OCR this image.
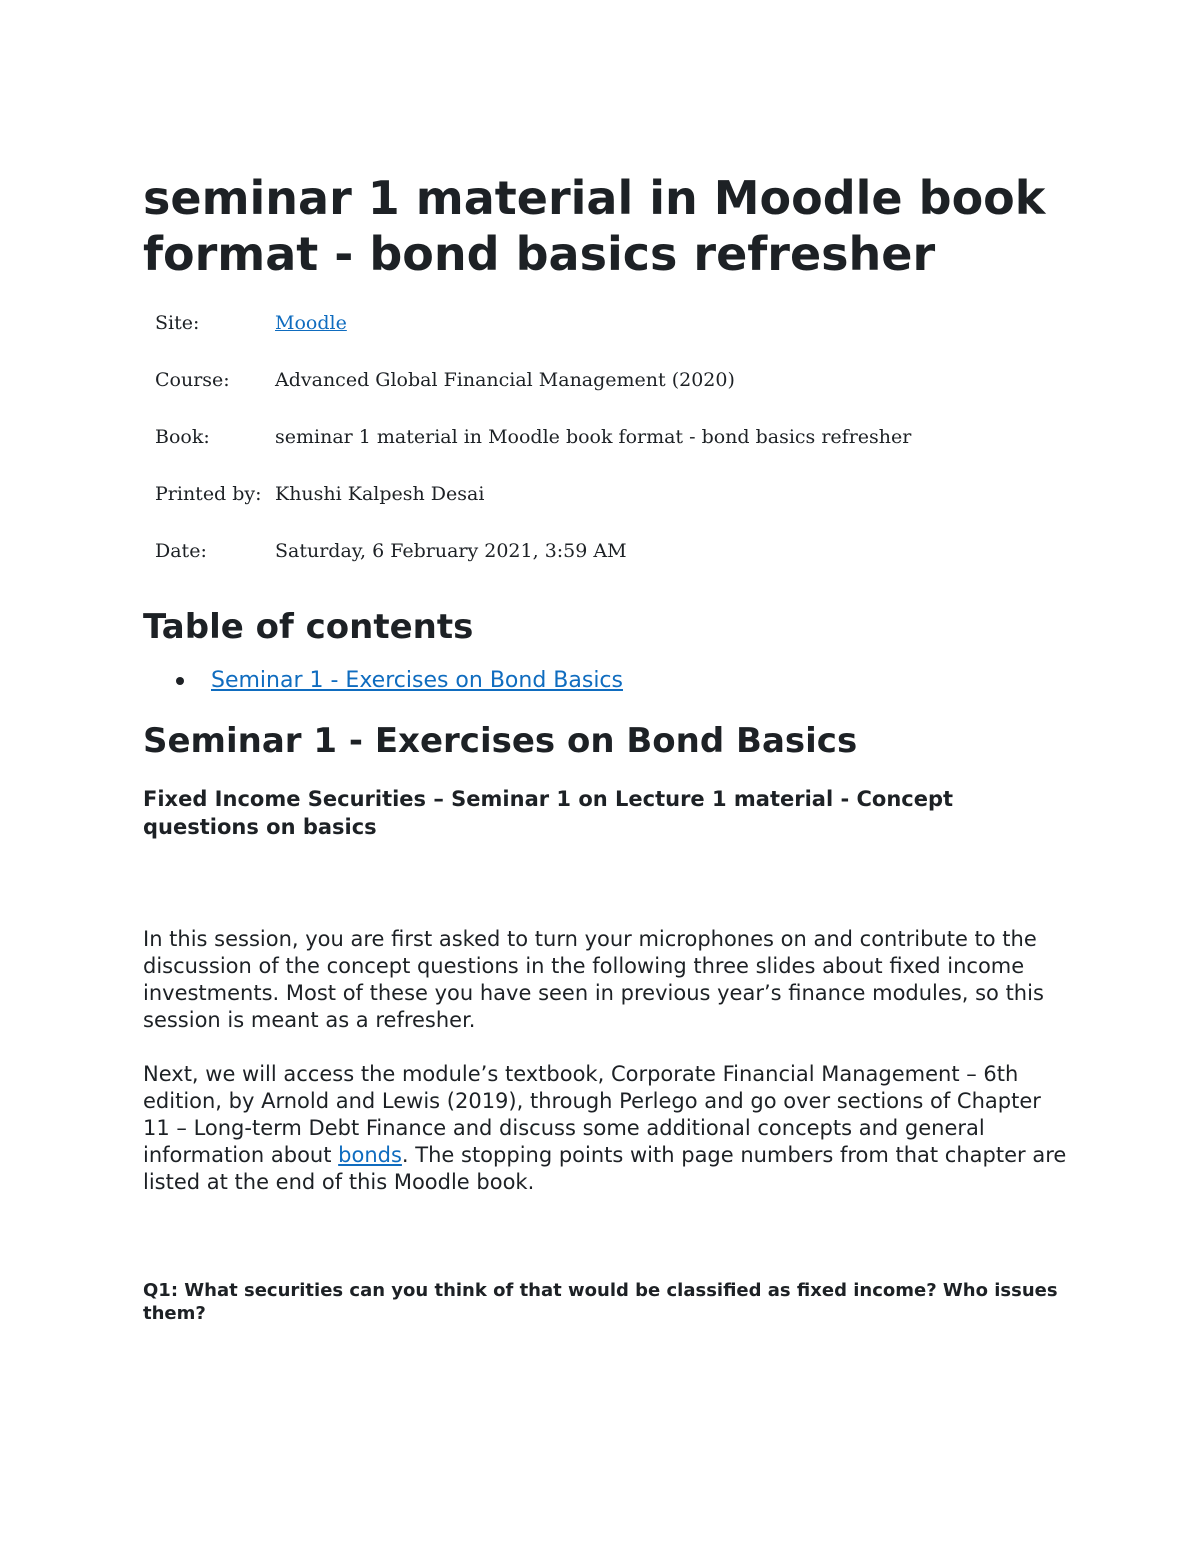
seminar 1 material in Moodle book format - bond basics refresher
Site:	Moodle
Course:	Advanced Global Financial Management (2020)
Book:	seminar 1 material in Moodle book format - bond basics refresher
Printed by: Khushi Kalpesh Desai
Date:	Saturday, 6 February 2021, 3:59 AM
Table of contents
Seminar 1 - Exercises on Bond Basics
Seminar 1 - Exercises on Bond Basics
Fixed Income Securities – Seminar 1 on Lecture 1 material - Concept questions on basics

In this session, you are first asked to turn your microphones on and contribute to the discussion of the concept questions in the following three slides about fixed income investments. Most of these you have seen in previous year’s finance modules, so this session is meant as a refresher.

Next, we will access the module’s textbook, Corporate Financial Management – 6th edition, by Arnold and Lewis (2019), through Perlego and go over sections of Chapter 11 – Long-term Debt Finance and discuss some additional concepts and general information about bonds. The stopping points with page numbers from that chapter are listed at the end of this Moodle book.

Q1: What securities can you think of that would be classified as fixed income? Who issues them?
